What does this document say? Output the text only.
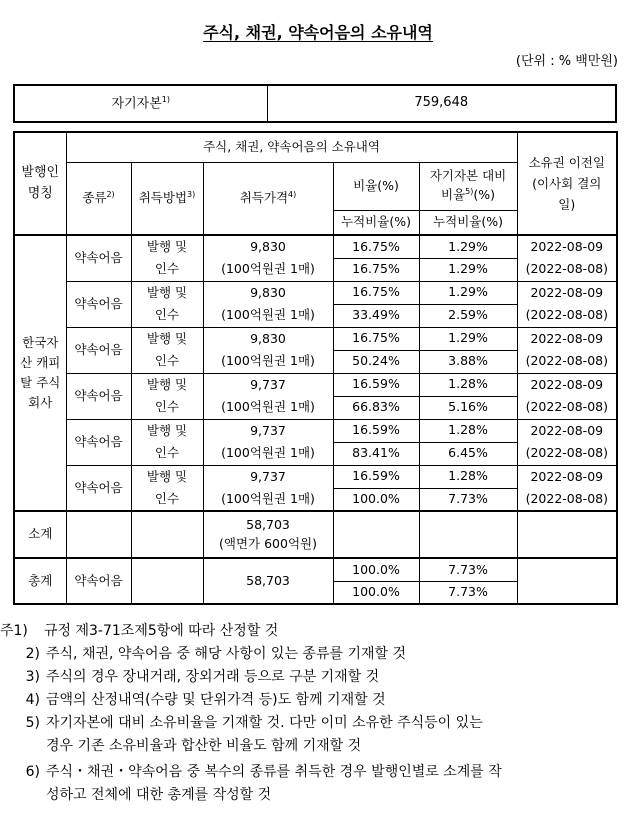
주식, 채권, 약속어음의 소유내역
(단위 : % 백만원)
자기자본$^{1)}$	759,648
발행인 명칭	주식, 채권, 약속어음의 소유내역					소유권 이전일 (이사회 결의일)
	종류$^{2)}$	취득방법$^{3)}$	취득가격$^{4)}$	비율(%)	자기자본 대비비율$^{5)}$(%)	
				누적비율(%)	누적비율(%)	
한국자산 캐피탈 주식회사	약속어음	발행 및	9,830	16.75%	1.29%	2022-08-09
		인수	(100억원권 1매)	16.75%	1.29%	(2022-08-08)
	약속어음	발행 및	9,830	16.75%	1.29%	2022-08-09
		인수	(100억원권 1매)	33.49%	2.59%	(2022-08-08)
	약속어음	발행 및	9,830	16.75%	1.29%	2022-08-09
		인수	(100억원권 1매)	50.24%	3.88%	(2022-08-08)
	약속어음	발행 및	9,737	16.59%	1.28%	2022-08-09
		인수	(100억원권 1매)	66.83%	5.16%	(2022-08-08)
	약속어음	발행 및	9,737	16.59%	1.28%	2022-08-09
		인수	(100억원권 1매)	83.41%	6.45%	(2022-08-08)
	약속어음	발행 및	9,737	16.59%	1.28%	2022-08-09
		인수	(100억원권 1매)	100.0%	7.73%	(2022-08-08)
소계			58,703
(액면가 600억원)			

총계	약속어음		58,703	100.0%	7.73%	
				100.0%	7.73%	
주1) 규정 제3-71조제5항에 따라 산정할 것
2) 주식, 채권, 약속어음 중 해당 사항이 있는 종류를 기재할 것
3) 주식의 경우 장내거래, 장외거래 등으로 구분 기재할 것
4) 금액의 산정내역(수량 및 단위가격 등)도 함께 기재할 것
5) 자기자본에 대비 소유비율을 기재할 것. 다만 이미 소유한 주식등이 있는
경우 기존 소유비율과 합산한 비율도 함께 기재할 것
6) 주식・채권・약속어음 중 복수의 종류를 취득한 경우 발행인별로 소계를 작
성하고 전체에 대한 총계를 작성할 것
